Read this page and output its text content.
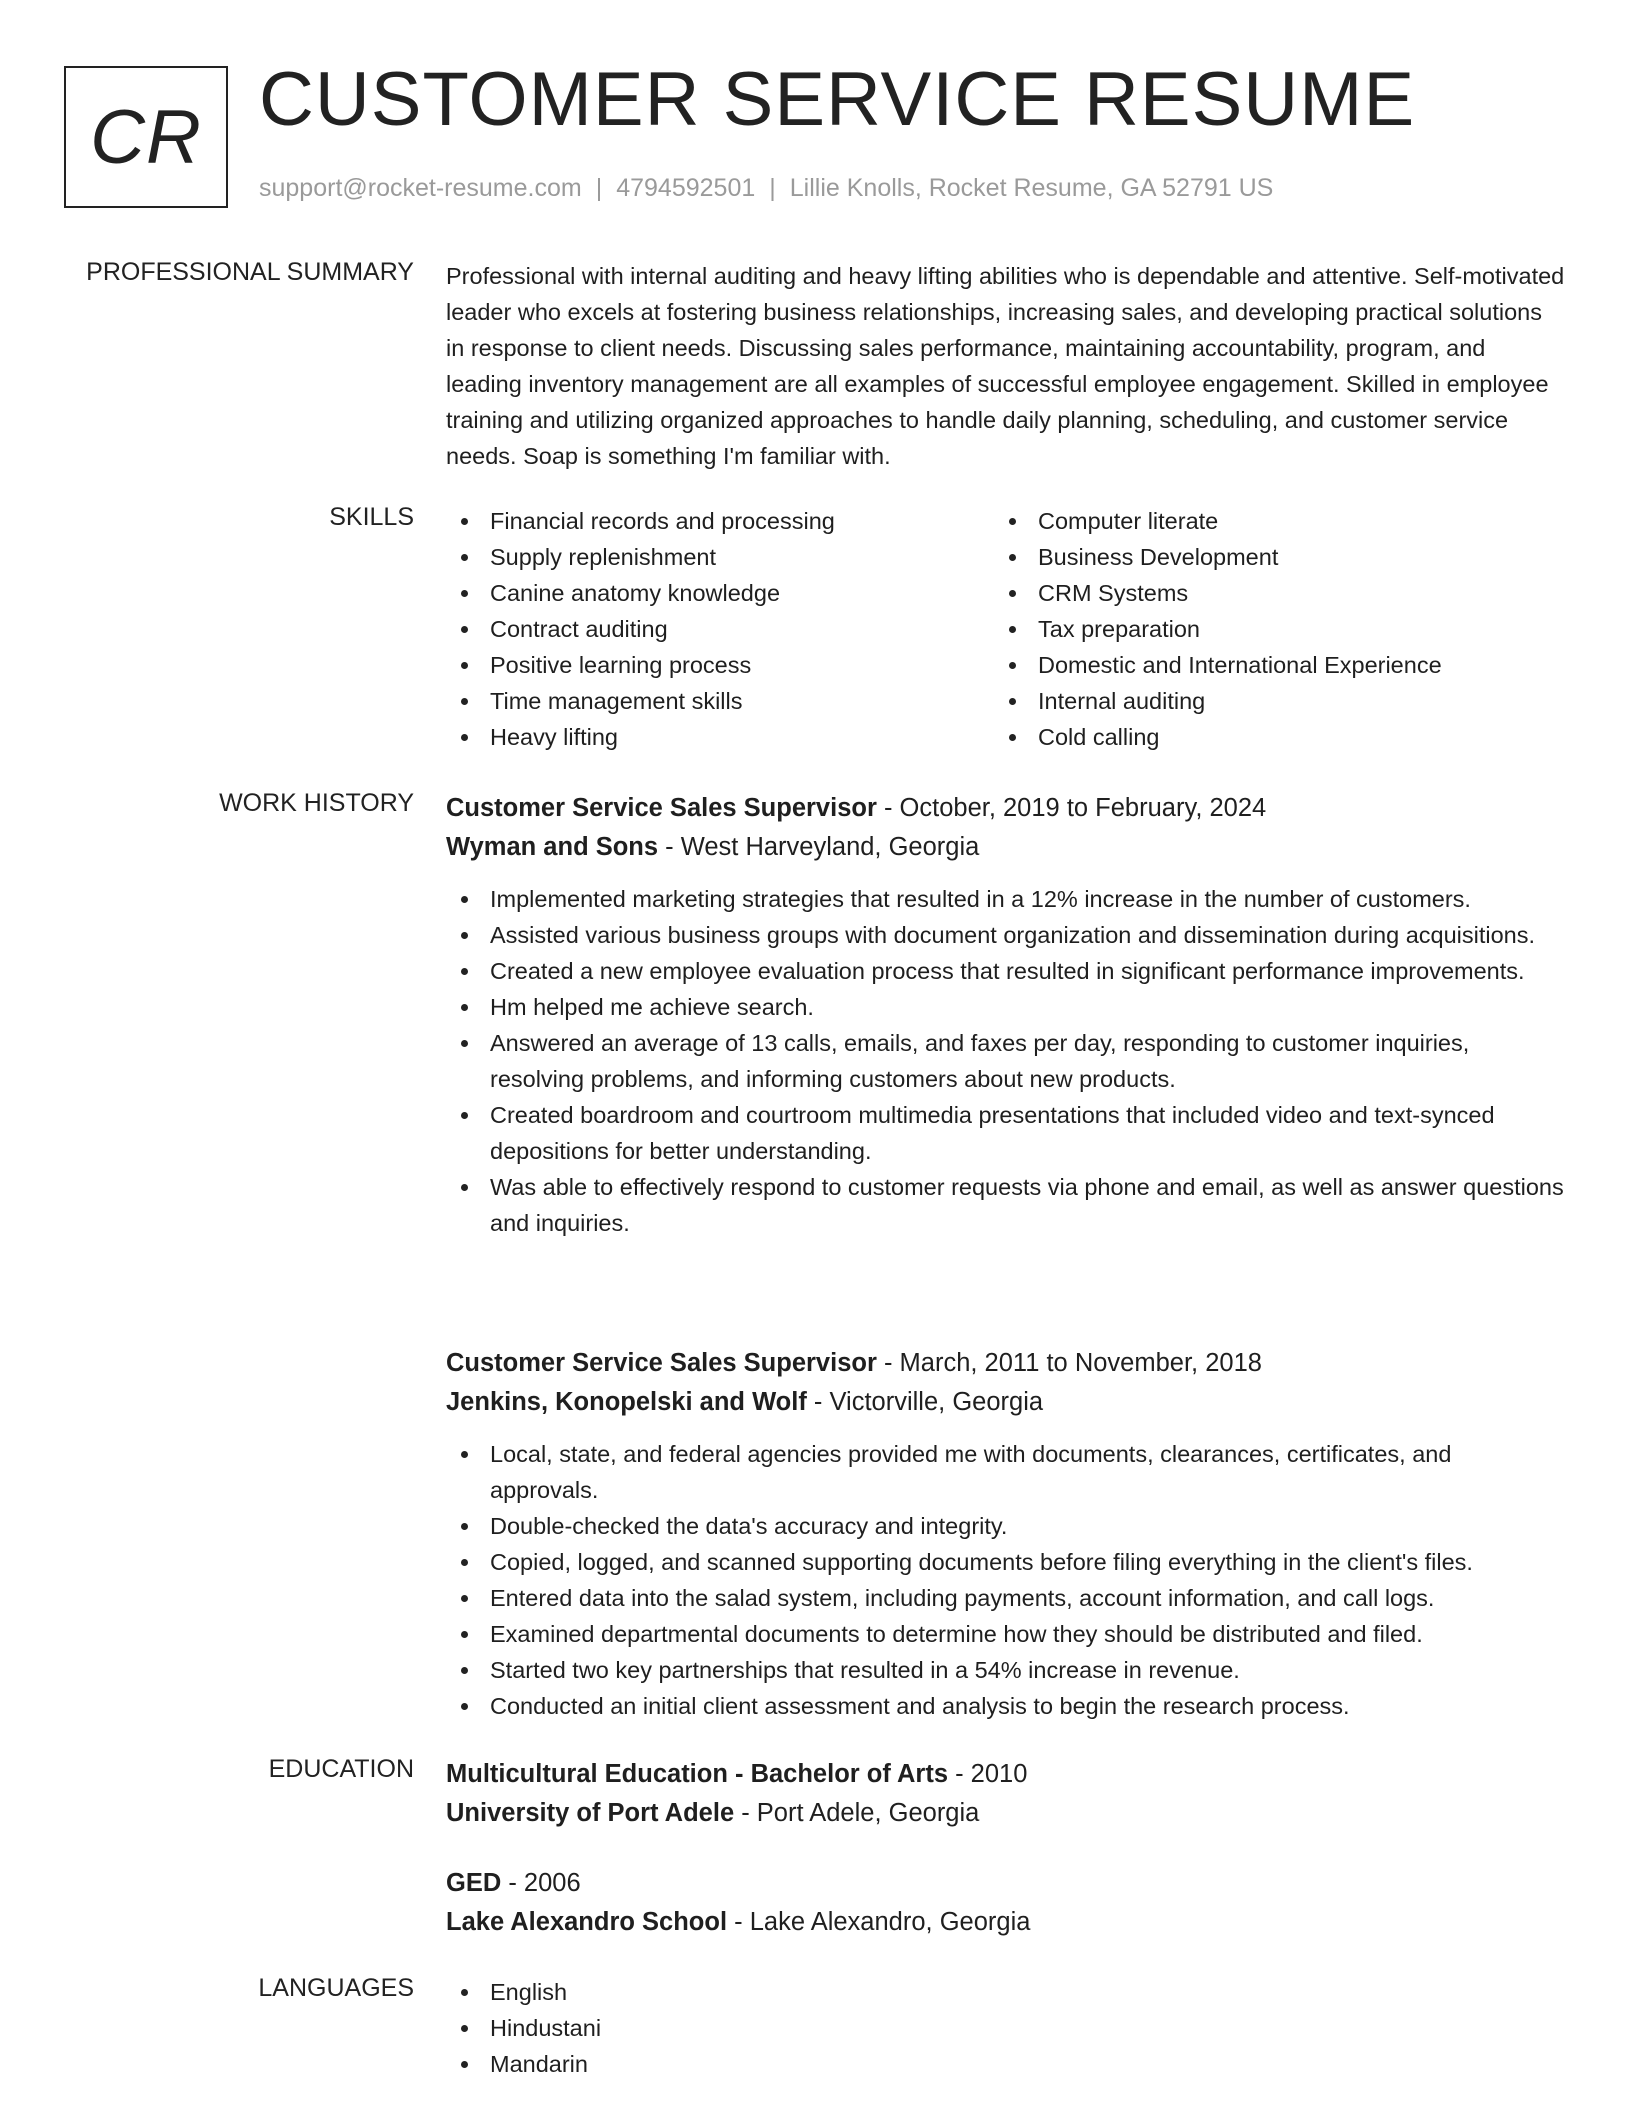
CR CUSTOMER SERVICE RESUME
support@rocket-resume.com | 4794592501 | Lillie Knolls, Rocket Resume, GA 52791 US
PROFESSIONAL SUMMARY Professional with internal auditing and heavy lifting abilities who is dependable and attentive. Self-motivated leader who excels at fostering business relationships, increasing sales, and developing practical solutions in response to client needs. Discussing sales performance, maintaining accountability, program, and leading inventory management are all examples of successful employee engagement. Skilled in employee training and utilizing organized approaches to handle daily planning, scheduling, and customer service needs. Soap is something I'm familiar with.

SKILLS	Financial records and processing
Supply replenishment
Canine anatomy knowledge
Contract auditing
Positive learning process
Time management skills
Heavy lifting
Computer literate
Business Development
CRM Systems
Tax preparation
Domestic and International Experience
Internal auditing
Cold calling
WORK HISTORY Customer Service Sales Supervisor - October, 2019 to February, 2024
Wyman and Sons - West Harveyland, Georgia
Implemented marketing strategies that resulted in a 12% increase in the number of customers.
Assisted various business groups with document organization and dissemination during acquisitions.
Created a new employee evaluation process that resulted in significant performance improvements.
Hm helped me achieve search.
Answered an average of 13 calls, emails, and faxes per day, responding to customer inquiries, resolving problems, and informing customers about new products.
Created boardroom and courtroom multimedia presentations that included video and text-synced depositions for better understanding.
Was able to effectively respond to customer requests via phone and email, as well as answer questions and inquiries.
Customer Service Sales Supervisor - March, 2011 to November, 2018
Jenkins, Konopelski and Wolf - Victorville, Georgia
Local, state, and federal agencies provided me with documents, clearances, certificates, and approvals.
Double-checked the data's accuracy and integrity.
Copied, logged, and scanned supporting documents before filing everything in the client's files.
Entered data into the salad system, including payments, account information, and call logs.
Examined departmental documents to determine how they should be distributed and filed.
Started two key partnerships that resulted in a 54% increase in revenue.
Conducted an initial client assessment and analysis to begin the research process.
EDUCATION Multicultural Education - Bachelor of Arts - 2010
University of Port Adele - Port Adele, Georgia
GED - 2006
Lake Alexandro School - Lake Alexandro, Georgia
LANGUAGES	English
Hindustani
Mandarin
